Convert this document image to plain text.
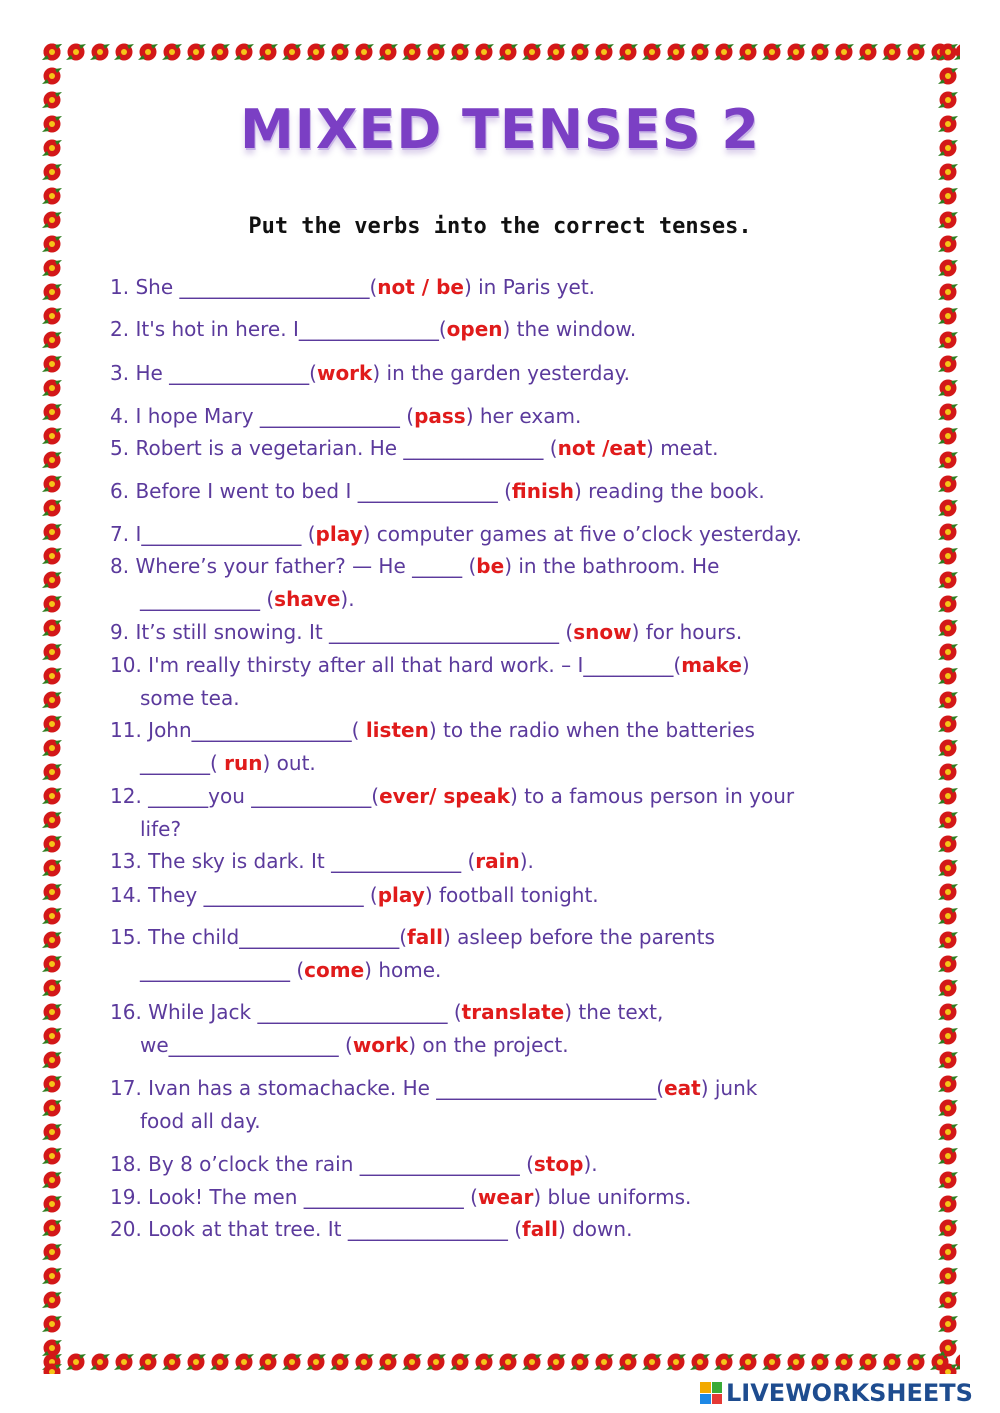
MIXED TENSES 2
Put the verbs into the correct tenses.
1. She ___________________(not / be) in Paris yet.
2. It's hot in here. I______________(open) the window.
3. He ______________(work) in the garden yesterday.
4. I hope Mary ______________ (pass) her exam.
5. Robert is a vegetarian. He ______________ (not /eat) meat.
6. Before I went to bed I ______________ (finish) reading the book.
7. I________________ (play) computer games at five o’clock yesterday.
8. Where’s your father? — He _____ (be) in the bathroom. He
____________ (shave).
9. It’s still snowing. It _______________________ (snow) for hours.
10. I'm really thirsty after all that hard work. – I_________(make)
some tea.
11. John________________( listen) to the radio when the batteries
_______( run) out.
12. ______you ____________(ever/ speak) to a famous person in your
life?
13. The sky is dark. It _____________ (rain).
14. They ________________ (play) football tonight.
15. The child________________(fall) asleep before the parents
_______________ (come) home.
16. While Jack ___________________ (translate) the text,
we_________________ (work) on the project.
17. Ivan has a stomachacke. He ______________________(eat) junk
food all day.
18. By 8 o’clock the rain ________________ (stop).
19. Look! The men ________________ (wear) blue uniforms.
20. Look at that tree. It ________________ (fall) down.
LIVEWORKSHEETS
